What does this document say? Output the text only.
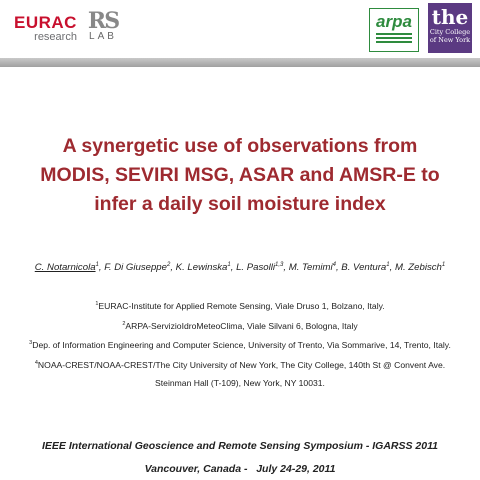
EURAC
research
RS
LAB
arpa the
City College of New York
A synergetic use of observations from
MODIS, SEVIRI MSG, ASAR and AMSR-E to
infer a daily soil moisture index
C. Notarnicola$^1$, F. Di Giuseppe$^2$, K. Lewinska$^1$, L. Pasolli$^{1,3}$, M. Temimi$^4$, B. Ventura$^1$, M. Zebisch$^1$
$^1$EURAC-Institute for Applied Remote Sensing, Viale Druso 1, Bolzano, Italy.
$^2$ARPA-ServizioIdroMeteoClima, Viale Silvani 6, Bologna, Italy
$^3$Dep. of Information Engineering and Computer Science, University of Trento, Via Sommarive, 14, Trento, Italy.
$^4$NOAA-CREST/NOAA-CREST/The City University of New York, The City College, 140th St @ Convent Ave.
Steinman Hall (T-109), New York, NY 10031.
IEEE International Geoscience and Remote Sensing Symposium - IGARSS 2011
Vancouver, Canada -   July 24-29, 2011
